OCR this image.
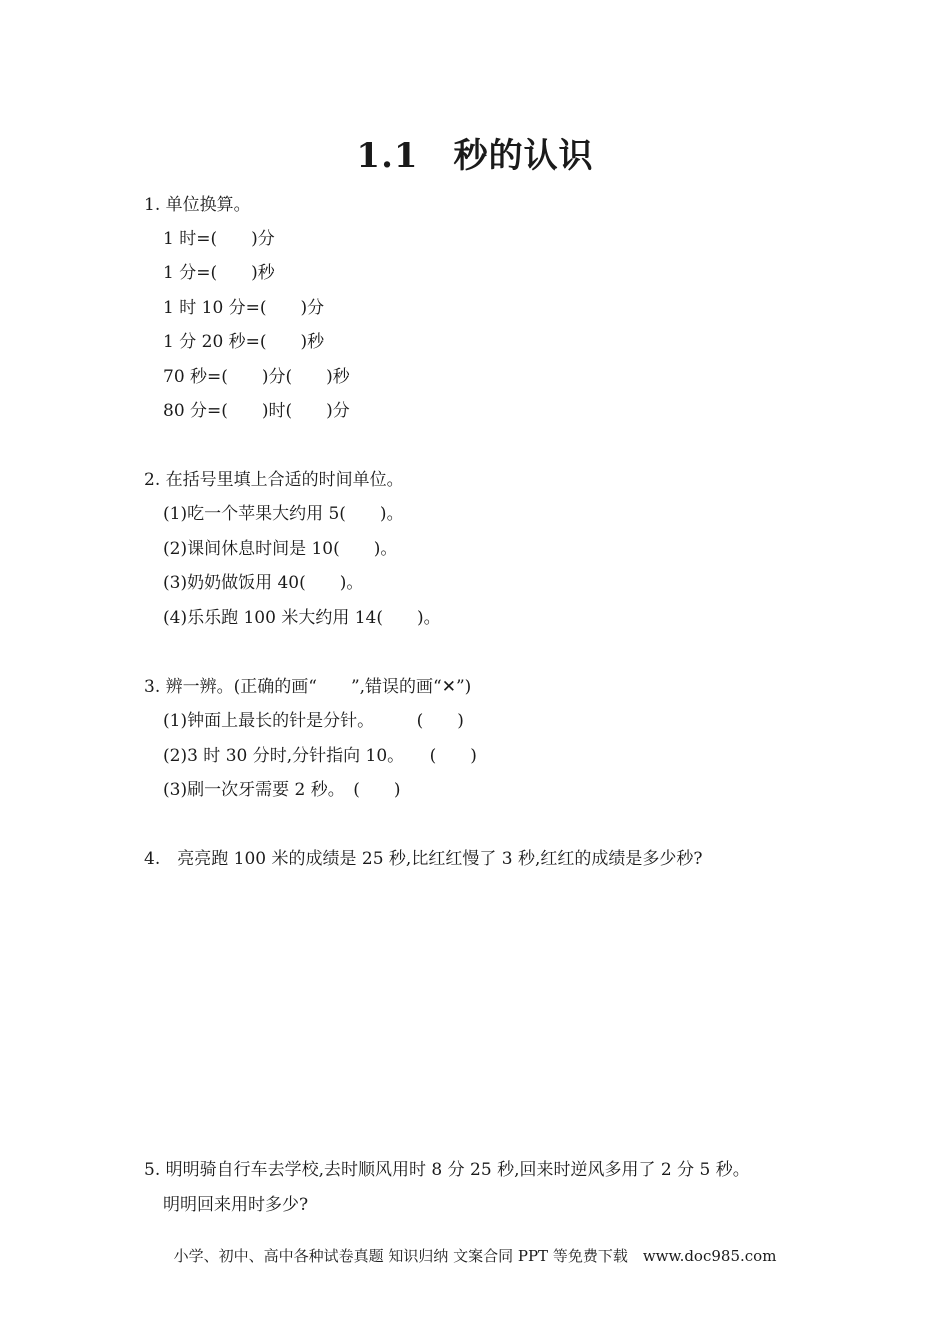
1.1　秒的认识
1. 单位换算。
1 时=(　　)分
1 分=(　　)秒
1 时 10 分=(　　)分
1 分 20 秒=(　　)秒
70 秒=(　　)分(　　)秒
80 分=(　　)时(　　)分
2. 在括号里填上合适的时间单位。
(1)吃一个苹果大约用 5(　　)。
(2)课间休息时间是 10(　　)。
(3)奶奶做饭用 40(　　)。
(4)乐乐跑 100 米大约用 14(　　)。
3. 辨一辨。(正确的画“　　”,错误的画“✕”)
(1)钟面上最长的针是分针。　　　(　　)
(2)3 时 30 分时,分针指向 10。　　(　　)
(3)刷一次牙需要 2 秒。　(　　)
4.　亮亮跑 100 米的成绩是 25 秒,比红红慢了 3 秒,红红的成绩是多少秒?
5. 明明骑自行车去学校,去时顺风用时 8 分 25 秒,回来时逆风多用了 2 分 5 秒。
明明回来用时多少?
小学、初中、高中各种试卷真题 知识归纳 文案合同 PPT 等免费下载　www.doc985.com
